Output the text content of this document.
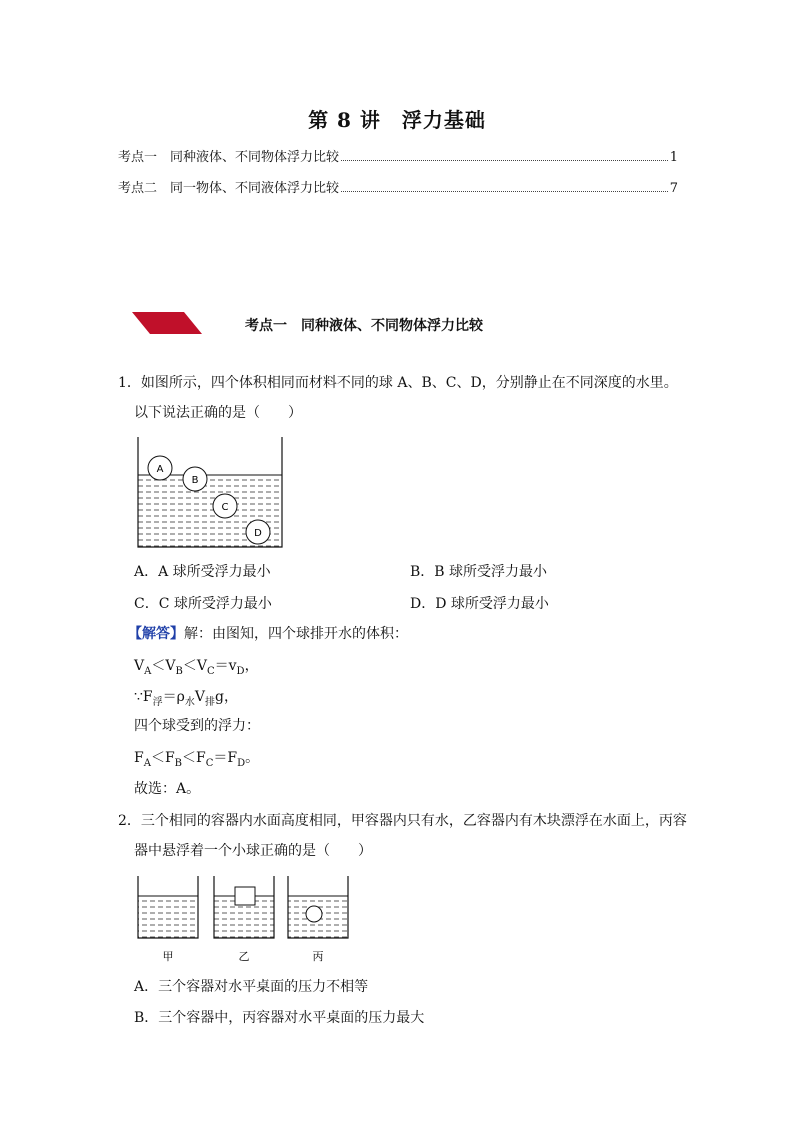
第 8 讲　浮力基础
考点一　同种液体、不同物体浮力比较	1
考点二　同一物体、不同液体浮力比较	7
考点一　同种液体、不同物体浮力比较
1．如图所示，四个体积相同而材料不同的球 A、B、C、D，分别静止在不同深度的水里。
以下说法正确的是（　　）
A
B
C
D
A．A 球所受浮力最小	B．B 球所受浮力最小
C．C 球所受浮力最小	D．D 球所受浮力最小
【解答】解：由图知，四个球排开水的体积：
$V_A<V_B<V_C=v_D$，
$\because F_浮=\rho_水V_排g$，
四个球受到的浮力：
$F_A<F_B<F_C=F_D$。
故选：A。
2．三个相同的容器内水面高度相同，甲容器内只有水，乙容器内有木块漂浮在水面上，丙容
器中悬浮着一个小球正确的是（　　）
甲	乙	丙
A．三个容器对水平桌面的压力不相等
B．三个容器中，丙容器对水平桌面的压力最大
